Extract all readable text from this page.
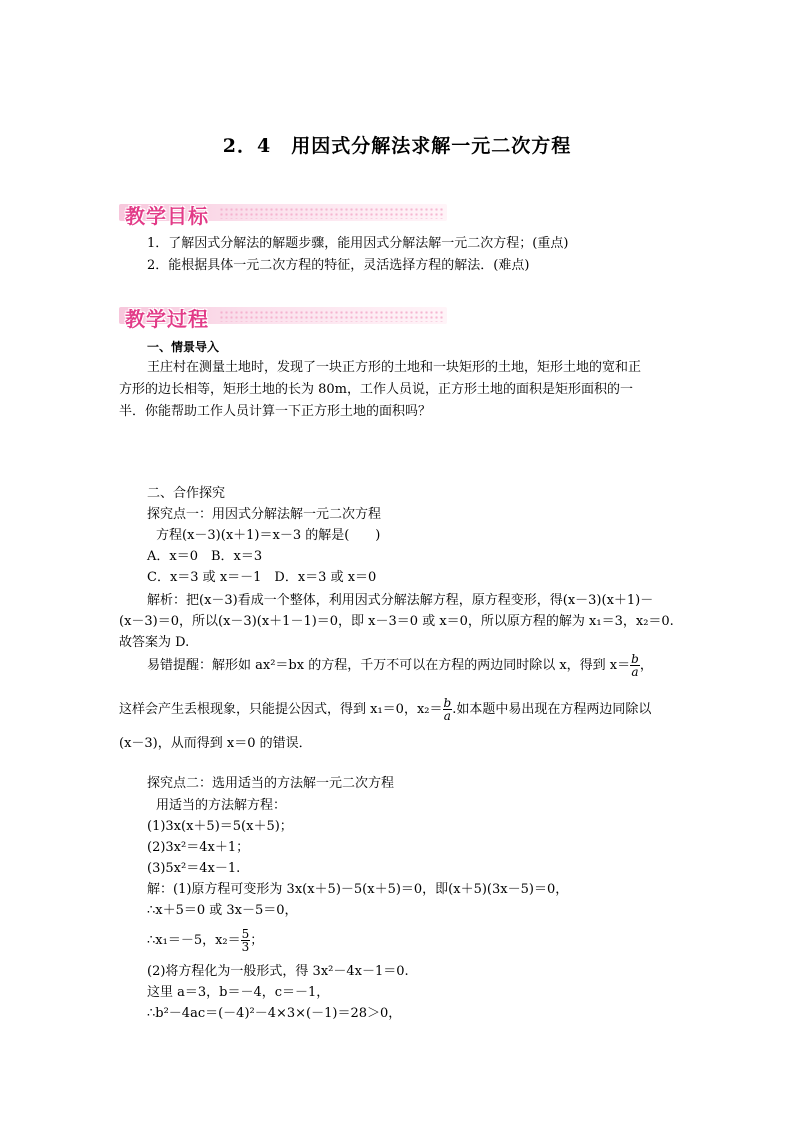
2．4　用因式分解法求解一元二次方程
教学目标
1．了解因式分解法的解题步骤，能用因式分解法解一元二次方程；(重点)
2．能根据具体一元二次方程的特征，灵活选择方程的解法．(难点)
教学过程
一、情景导入
王庄村在测量土地时，发现了一块正方形的土地和一块矩形的土地，矩形土地的宽和正
方形的边长相等，矩形土地的长为 80m，工作人员说，正方形土地的面积是矩形面积的一
半．你能帮助工作人员计算一下正方形土地的面积吗？
二、合作探究
探究点一：用因式分解法解一元二次方程
方程(x－3)(x＋1)＝x－3 的解是(　　)
A．x＝0　B．x＝3
C．x＝3 或 x＝－1　D．x＝3 或 x＝0
解析：把(x－3)看成一个整体，利用因式分解法解方程，原方程变形，得(x－3)(x＋1)－
(x－3)＝0，所以(x－3)(x＋1－1)＝0，即 x－3＝0 或 x＝0，所以原方程的解为 x₁＝3，x₂＝0.
故答案为 D.
易错提醒：解形如 ax²＝bx 的方程，千万不可以在方程的两边同时除以 x，得到 $x= \frac{b}{a}$ ，
这样会产生丢根现象，只能提公因式，得到 x₁＝0，$x_2= \frac{b}{a}$ .如本题中易出现在方程两边同除以
(x－3)，从而得到 x＝0 的错误．
探究点二：选用适当的方法解一元二次方程
用适当的方法解方程：
(1)3x(x＋5)＝5(x＋5)；
(2)3x²＝4x＋1；
(3)5x²＝4x－1.
解：(1)原方程可变形为 3x(x＋5)－5(x＋5)＝0，即(x＋5)(3x－5)＝0，
∴x＋5＝0 或 3x－5＝0，
∴x₁＝－5，$x_2= \frac{5}{3}$ ；
(2)将方程化为一般形式，得 3x²－4x－1＝0.
这里 a＝3，b＝－4，c＝－1，
∴b²－4ac＝(－4)²－4×3×(－1)＝28＞0，
